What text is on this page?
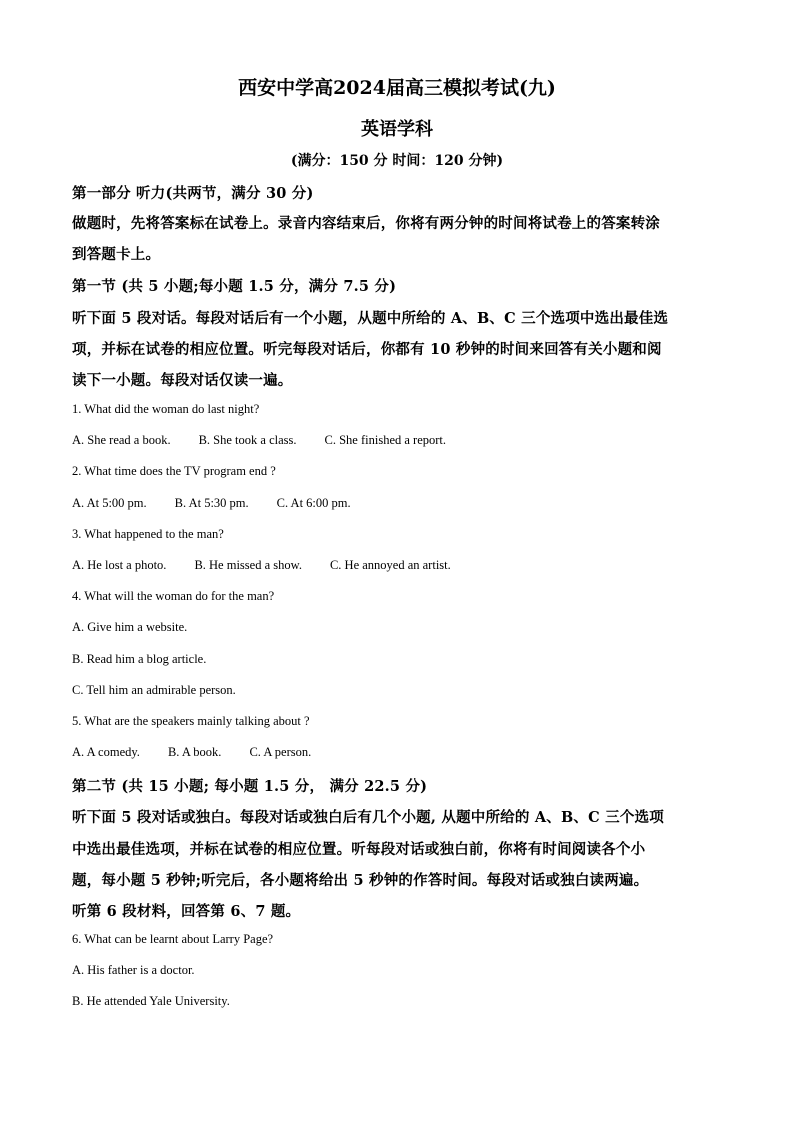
西安中学高2024届高三模拟考试(九)
英语学科
(满分：150 分 时间：120 分钟)
第一部分 听力(共两节，满分 30 分)
做题时，先将答案标在试卷上。录音内容结束后，你将有两分钟的时间将试卷上的答案转涂
到答题卡上。
第一节 (共 5 小题;每小题 1.5 分，满分 7.5 分)
听下面 5 段对话。每段对话后有一个小题，从题中所给的 A、B、C 三个选项中选出最佳选
项，并标在试卷的相应位置。听完每段对话后，你都有 10 秒钟的时间来回答有关小题和阅
读下一小题。每段对话仅读一遍。
1. What did the woman do last night?
A. She read a book. B. She took a class. C. She finished a report.
2. What time does the TV program end ?
A. At 5:00 pm. B. At 5:30 pm. C. At 6:00 pm.
3. What happened to the man?
A. He lost a photo. B. He missed a show. C. He annoyed an artist.
4. What will the woman do for the man?
A. Give him a website.
B. Read him a blog article.
C. Tell him an admirable person.
5. What are the speakers mainly talking about ?
A. A comedy. B. A book. C. A person.
第二节 (共 15 小题; 每小题 1.5 分， 满分 22.5 分)
听下面 5 段对话或独白。每段对话或独白后有几个小题, 从题中所给的 A、B、C 三个选项
中选出最佳选项，并标在试卷的相应位置。听每段对话或独白前，你将有时间阅读各个小
题，每小题 5 秒钟;听完后，各小题将给出 5 秒钟的作答时间。每段对话或独白读两遍。
听第 6 段材料，回答第 6、7 题。
6. What can be learnt about Larry Page?
A. His father is a doctor.
B. He attended Yale University.
